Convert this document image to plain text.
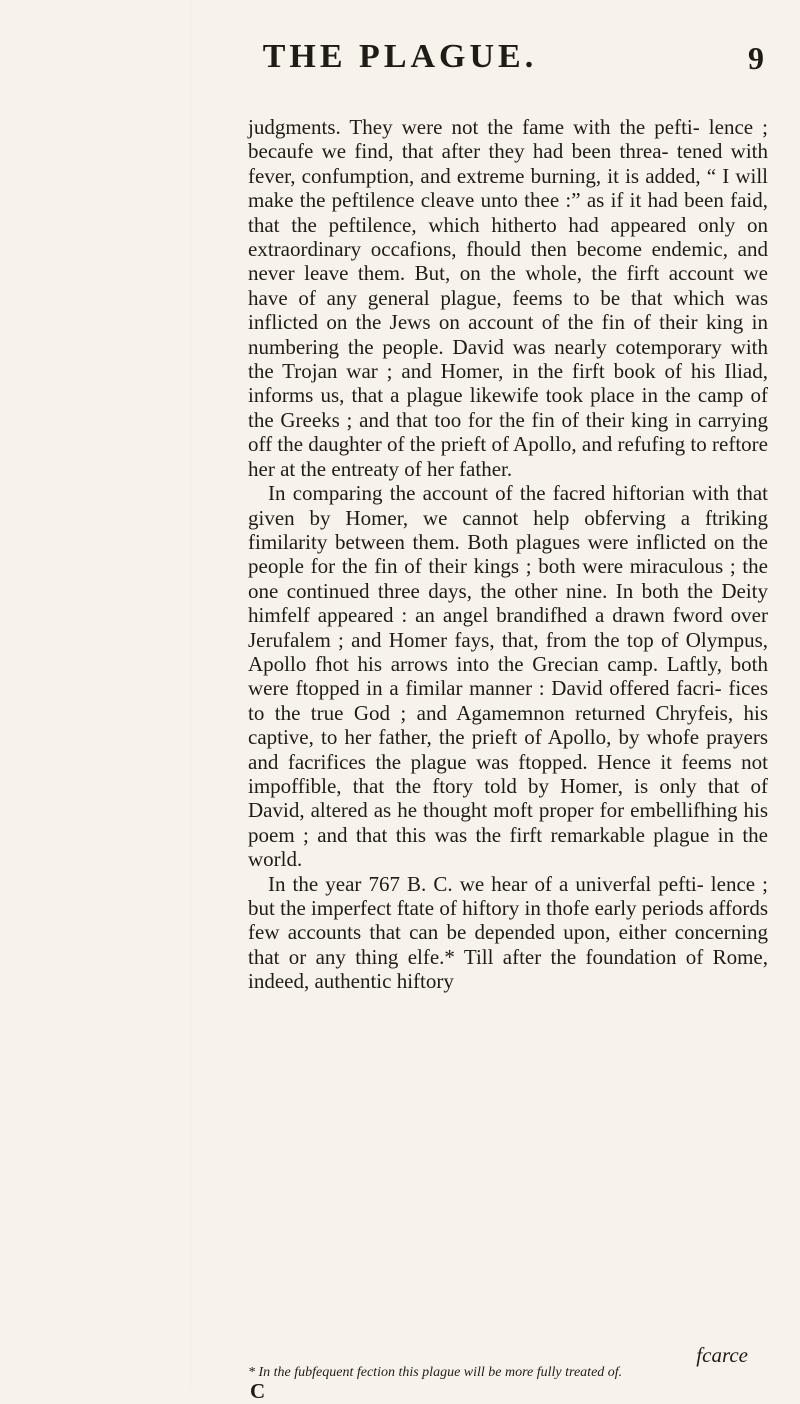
THE PLAGUE.	9

judgments. They were not the fame with the pefti- lence ; becaufe we find, that after they had been threa- tened with fever, confumption, and extreme burning, it is added, “ I will make the peftilence cleave unto thee :” as if it had been faid, that the peftilence, which hitherto had appeared only on extraordinary occafions, fhould then become endemic, and never leave them. But, on the whole, the firft account we have of any general plague, feems to be that which was inflicted on the Jews on account of the fin of their king in numbering the people. David was nearly cotemporary with the Trojan war ; and Homer, in the firft book of his Iliad, informs us, that a plague likewife took place in the camp of the Greeks ; and that too for the fin of their king in carrying off the daughter of the prieft of Apollo, and refufing to reftore her at the entreaty of her father.

In comparing the account of the facred hiftorian with that given by Homer, we cannot help obferving a ftriking fimilarity between them. Both plagues were inflicted on the people for the fin of their kings ; both were miraculous ; the one continued three days, the other nine. In both the Deity himfelf appeared : an angel brandifhed a drawn fword over Jerufalem ; and Homer fays, that, from the top of Olympus, Apollo fhot his arrows into the Grecian camp. Laftly, both were ftopped in a fimilar manner : David offered facri- fices to the true God ; and Agamemnon returned Chryfeis, his captive, to her father, the prieft of Apollo, by whofe prayers and facrifices the plague was ftopped. Hence it feems not impoffible, that the ftory told by Homer, is only that of David, altered as he thought moft proper for embellifhing his poem ; and that this was the firft remarkable plague in the world.

In the year 767 B. C. we hear of a univerfal pefti- lence ; but the imperfect ftate of hiftory in thofe early periods affords few accounts that can be depended upon, either concerning that or any thing elfe.* Till after the foundation of Rome, indeed, authentic hiftory

fcarce
* In the fubfequent fection this plague will be more fully treated of.
C
